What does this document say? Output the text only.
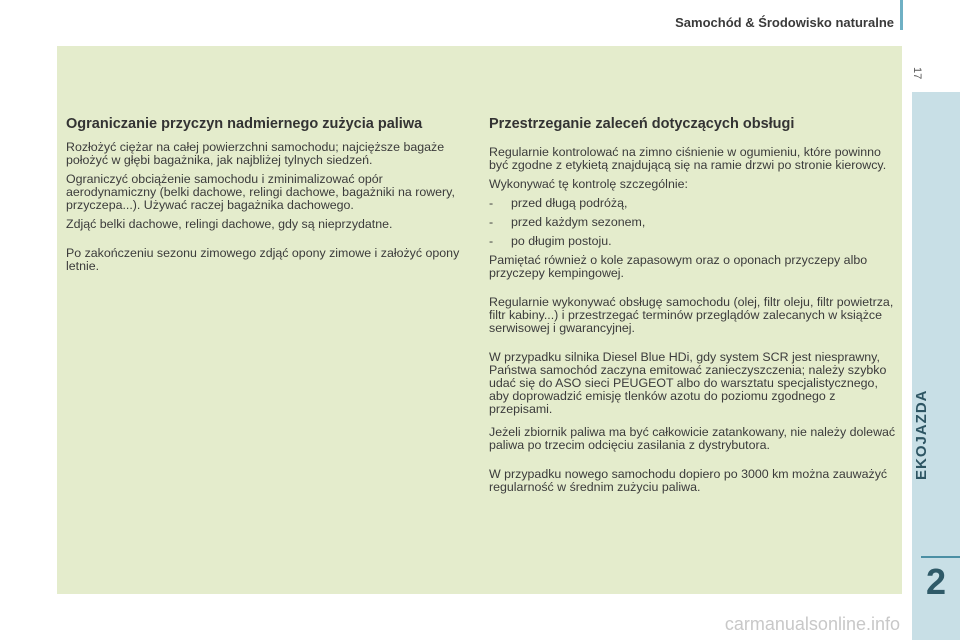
Samochód & Środowisko naturalne
17
Ograniczanie przyczyn nadmiernego zużycia paliwa

Rozłożyć ciężar na całej powierzchni samochodu; najcięższe bagaże położyć w głębi bagażnika, jak najbliżej tylnych siedzeń.

Ograniczyć obciążenie samochodu i zminimalizować opór aerodynamiczny (belki dachowe, relingi dachowe, bagażniki na rowery, przyczepa...). Używać raczej bagażnika dachowego.

Zdjąć belki dachowe, relingi dachowe, gdy są nieprzydatne.

Po zakończeniu sezonu zimowego zdjąć opony zimowe i założyć opony letnie.

Przestrzeganie zaleceń dotyczących obsługi

Regularnie kontrolować na zimno ciśnienie w ogumieniu, które powinno być zgodne z etykietą znajdującą się na ramie drzwi po stronie kierowcy.

Wykonywać tę kontrolę szczególnie:

-	przed długą podróżą,
-	przed każdym sezonem,
-	po długim postoju.

Pamiętać również o kole zapasowym oraz o oponach przyczepy albo przyczepy kempingowej.

Regularnie wykonywać obsługę samochodu (olej, filtr oleju, filtr powietrza, filtr kabiny...) i przestrzegać terminów przeglądów zalecanych w książce serwisowej i gwarancyjnej.

W przypadku silnika Diesel Blue HDi, gdy system SCR jest niesprawny, Państwa samochód zaczyna emitować zanieczyszczenia; należy szybko udać się do ASO sieci PEUGEOT albo do warsztatu specjalistycznego, aby doprowadzić emisję tlenków azotu do poziomu zgodnego z przepisami.

Jeżeli zbiornik paliwa ma być całkowicie zatankowany, nie należy dolewać paliwa po trzecim odcięciu zasilania z dystrybutora.

W przypadku nowego samochodu dopiero po 3000 km można zauważyć regularność w średnim zużyciu paliwa.

EKOJAZDA
2
carmanualsonline.info
